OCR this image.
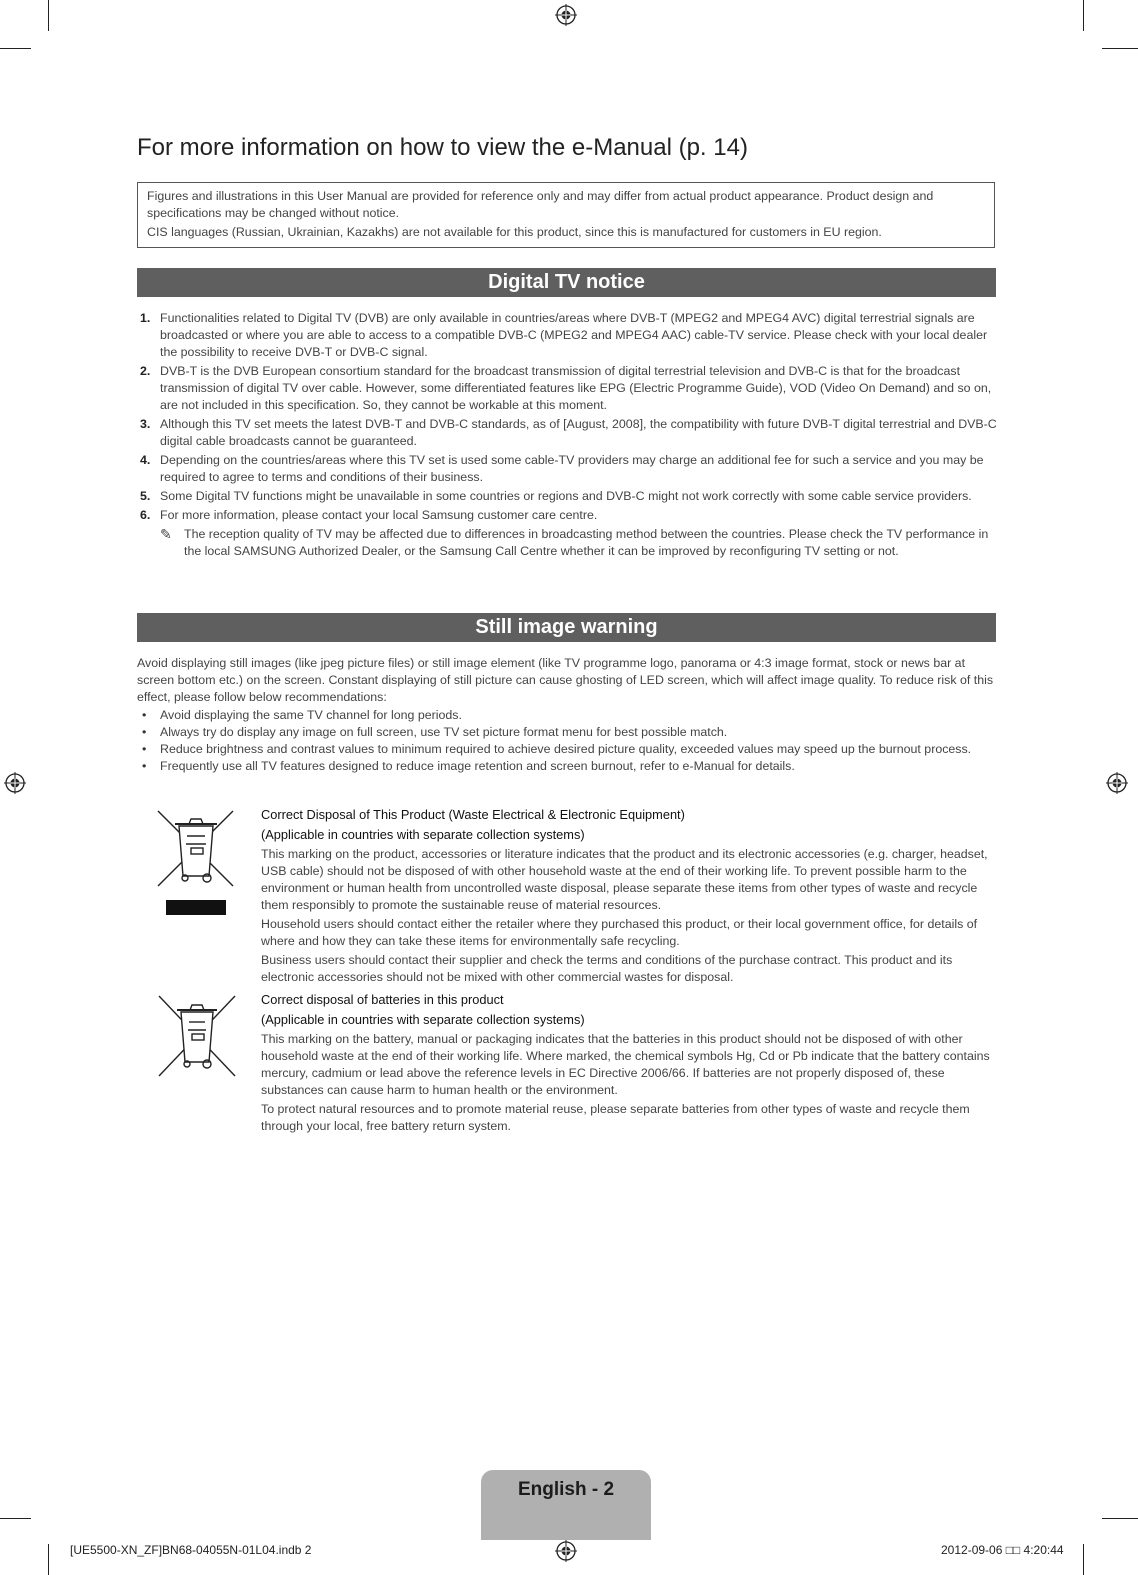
For more information on how to view the e-Manual (p. 14)

Figures and illustrations in this User Manual are provided for reference only and may differ from actual product appearance. Product design and specifications may be changed without notice.

CIS languages (Russian, Ukrainian, Kazakhs) are not available for this product, since this is manufactured for customers in EU region.

Digital TV notice
1. Functionalities related to Digital TV (DVB) are only available in countries/areas where DVB-T (MPEG2 and MPEG4 AVC) digital terrestrial signals are broadcasted or where you are able to access to a compatible DVB-C (MPEG2 and MPEG4 AAC) cable-TV service. Please check with your local dealer the possibility to receive DVB-T or DVB-C signal.
2. DVB-T is the DVB European consortium standard for the broadcast transmission of digital terrestrial television and DVB-C is that for the broadcast transmission of digital TV over cable. However, some differentiated features like EPG (Electric Programme Guide), VOD (Video On Demand) and so on, are not included in this specification. So, they cannot be workable at this moment.
3. Although this TV set meets the latest DVB-T and DVB-C standards, as of [August, 2008], the compatibility with future DVB-T digital terrestrial and DVB-C digital cable broadcasts cannot be guaranteed.
4. Depending on the countries/areas where this TV set is used some cable-TV providers may charge an additional fee for such a service and you may be required to agree to terms and conditions of their business.
5. Some Digital TV functions might be unavailable in some countries or regions and DVB-C might not work correctly with some cable service providers.
6. For more information, please contact your local Samsung customer care centre.
✎ The reception quality of TV may be affected due to differences in broadcasting method between the countries. Please check the TV performance in the local SAMSUNG Authorized Dealer, or the Samsung Call Centre whether it can be improved by reconfiguring TV setting or not.
Still image warning

Avoid displaying still images (like jpeg picture files) or still image element (like TV programme logo, panorama or 4:3 image format, stock or news bar at screen bottom etc.) on the screen. Constant displaying of still picture can cause ghosting of LED screen, which will affect image quality. To reduce risk of this effect, please follow below recommendations:

• Avoid displaying the same TV channel for long periods.
• Always try do display any image on full screen, use TV set picture format menu for best possible match.
• Reduce brightness and contrast values to minimum required to achieve desired picture quality, exceeded values may speed up the burnout process.
• Frequently use all TV features designed to reduce image retention and screen burnout, refer to e-Manual for details.

Correct Disposal of This Product (Waste Electrical & Electronic Equipment)

(Applicable in countries with separate collection systems)

This marking on the product, accessories or literature indicates that the product and its electronic accessories (e.g. charger, headset, USB cable) should not be disposed of with other household waste at the end of their working life. To prevent possible harm to the environment or human health from uncontrolled waste disposal, please separate these items from other types of waste and recycle them responsibly to promote the sustainable reuse of material resources.

Household users should contact either the retailer where they purchased this product, or their local government office, for details of where and how they can take these items for environmentally safe recycling.

Business users should contact their supplier and check the terms and conditions of the purchase contract. This product and its electronic accessories should not be mixed with other commercial wastes for disposal.

Correct disposal of batteries in this product

(Applicable in countries with separate collection systems)

This marking on the battery, manual or packaging indicates that the batteries in this product should not be disposed of with other household waste at the end of their working life. Where marked, the chemical symbols Hg, Cd or Pb indicate that the battery contains mercury, cadmium or lead above the reference levels in EC Directive 2006/66. If batteries are not properly disposed of, these substances can cause harm to human health or the environment.

To protect natural resources and to promote material reuse, please separate batteries from other types of waste and recycle them through your local, free battery return system.

English - 2
[UE5500-XN_ZF]BN68-04055N-01L04.indb 2	2012-09-06 □□ 4:20:44
